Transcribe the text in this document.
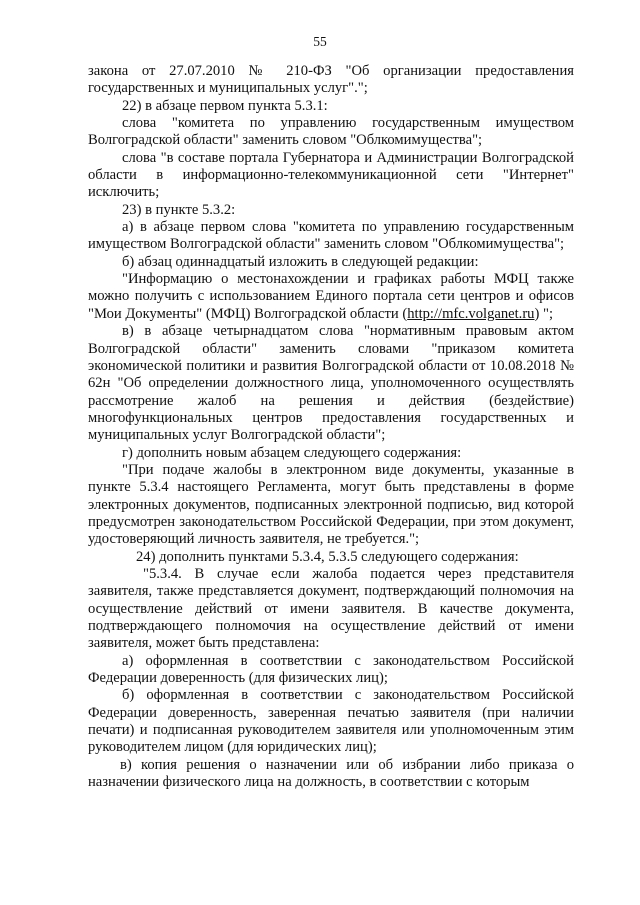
55

закона от 27.07.2010 № 210-ФЗ "Об организации предоставления государственных и муниципальных услуг".";

22) в абзаце первом пункта 5.3.1:

слова "комитета по управлению государственным имуществом Волгоградской области" заменить словом "Облкомимущества";

слова "в составе портала Губернатора и Администрации Волгоградской области в информационно-телекоммуникационной сети "Интернет" исключить;

23) в пункте 5.3.2:

а) в абзаце первом слова "комитета по управлению государственным имуществом Волгоградской области" заменить словом "Облкомимущества";

б) абзац одиннадцатый изложить в следующей редакции:

"Информацию о местонахождении и графиках работы МФЦ также можно получить с использованием Единого портала сети центров и офисов "Мои Документы" (МФЦ) Волгоградской области (http://mfc.volganet.ru) ";

в) в абзаце четырнадцатом слова "нормативным правовым актом Волгоградской области" заменить словами "приказом комитета экономической политики и развития Волгоградской области от 10.08.2018 № 62н "Об определении должностного лица, уполномоченного осуществлять рассмотрение жалоб на решения и действия (бездействие) многофункциональных центров предоставления государственных и муниципальных услуг Волгоградской области";

г) дополнить новым абзацем следующего содержания:

"При подаче жалобы в электронном виде документы, указанные в пункте 5.3.4 настоящего Регламента, могут быть представлены в форме электронных документов, подписанных электронной подписью, вид которой предусмотрен законодательством Российской Федерации, при этом документ, удостоверяющий личность заявителя, не требуется.";

24) дополнить пунктами 5.3.4, 5.3.5 следующего содержания:

"5.3.4. В случае если жалоба подается через представителя заявителя, также представляется документ, подтверждающий полномочия на осуществление действий от имени заявителя. В качестве документа, подтверждающего полномочия на осуществление действий от имени заявителя, может быть представлена:

а) оформленная в соответствии с законодательством Российской Федерации доверенность (для физических лиц);

б) оформленная в соответствии с законодательством Российской Федерации доверенность, заверенная печатью заявителя (при наличии печати) и подписанная руководителем заявителя или уполномоченным этим руководителем лицом (для юридических лиц);

в) копия решения о назначении или об избрании либо приказа о назначении физического лица на должность, в соответствии с которым
